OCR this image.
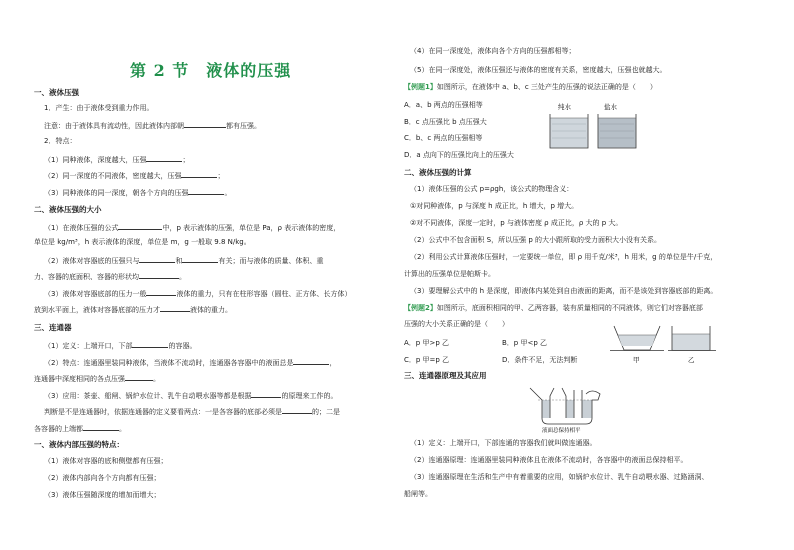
第 2 节　液体的压强
一、液体压强
1．产生：由于液体受到重力作用。
注意：由于液体具有流动性，因此液体内部朝	都有压强。
2．特点：
（1）同种液体，深度越大，压强	；
（2）同一深度的不同液体，密度越大，压强	；
（3）同种液体的同一深度，朝各个方向的压强	。
二、液体压强的大小
（1）在液体压强的公式	中，p 表示液体的压强，单位是 Pa，ρ 表示液体的密度，
单位是 kg/m³，h 表示液体的深度，单位是 m，g 一般取 9.8 N/kg。
（2）液体对容器底的压强只与	和	有关；而与液体的质量、体积、重
力、容器的底面积、容器的形状均	。
（3）液体对容器底部的压力一般	液体的重力，只有在柱形容器（圆柱、正方体、长方体）
放到水平面上，液体对容器底部的压力才	液体的重力。
三、连通器
（1）定义：上端开口，下部	的容器。
（2）特点：连通器里装同种液体，当液体不流动时，连通器各容器中的液面总是	，
连通器中深度相同的各点压强	。
（3）应用：茶壶、船闸、锅炉水位计、乳牛自动喂水器等都是根据	的原理来工作的。
判断是不是连通器时，依据连通器的定义要看两点：一是各容器的底部必须是	的；二是
各容器的上端都	。
一、液体内部压强的特点：
（1）液体对容器的底和侧壁都有压强；
（2）液体内部向各个方向都有压强；
（3）液体压强随深度的增加而增大；
（4）在同一深度处，液体向各个方向的压强都相等；
（5）在同一深度处，液体压强还与液体的密度有关系，密度越大，压强也就越大。
【例题1】如图所示，在液体中 a、b、c 三处产生的压强的说法正确的是（　　）
A．a、b 两点的压强相等
B．c 点压强比 b 点压强大
C．b、c 两点的压强相等
D．a 点向下的压强比向上的压强大
纯水	盐水
二、液体压强的计算
（1）液体压强的公式 p=ρgh，该公式的物理含义：
①对同种液体，p 与深度 h 成正比，h 增大，p 增大。
②对不同液体，深度一定时，p 与液体密度 ρ 成正比，ρ 大的 p 大。
（2）公式中不包含面积 S，所以压强 p 的大小跟所取的受力面积大小没有关系。
（2）利用公式计算液体压强时，一定要统一单位，即 ρ 用千克/米³，h 用米，g 的单位是牛/千克，
计算出的压强单位是帕斯卡。
（3）要理解公式中的 h 是深度，即液体内某处到自由液面的距离，而不是该处到容器底部的距离。
【例题2】如图所示，底面积相同的甲、乙两容器，装有质量相同的不同液体，则它们对容器底部
压强的大小关系正确的是（　　）
A．p 甲>p 乙	B．p 甲<p 乙
C．p 甲=p 乙	D．条件不足，无法判断	甲	乙
三、连通器原理及其应用
液面总保持相平
（1）定义：上端开口，下部连通的容器我们就叫做连通器。
（2）连通器原理：连通器里装同种液体且在液体不流动时，各容器中的液面总保持相平。
（3）连通器原理在生活和生产中有着重要的应用，如锅炉水位计、乳牛自动喂水器、过路涵洞、
船闸等。
